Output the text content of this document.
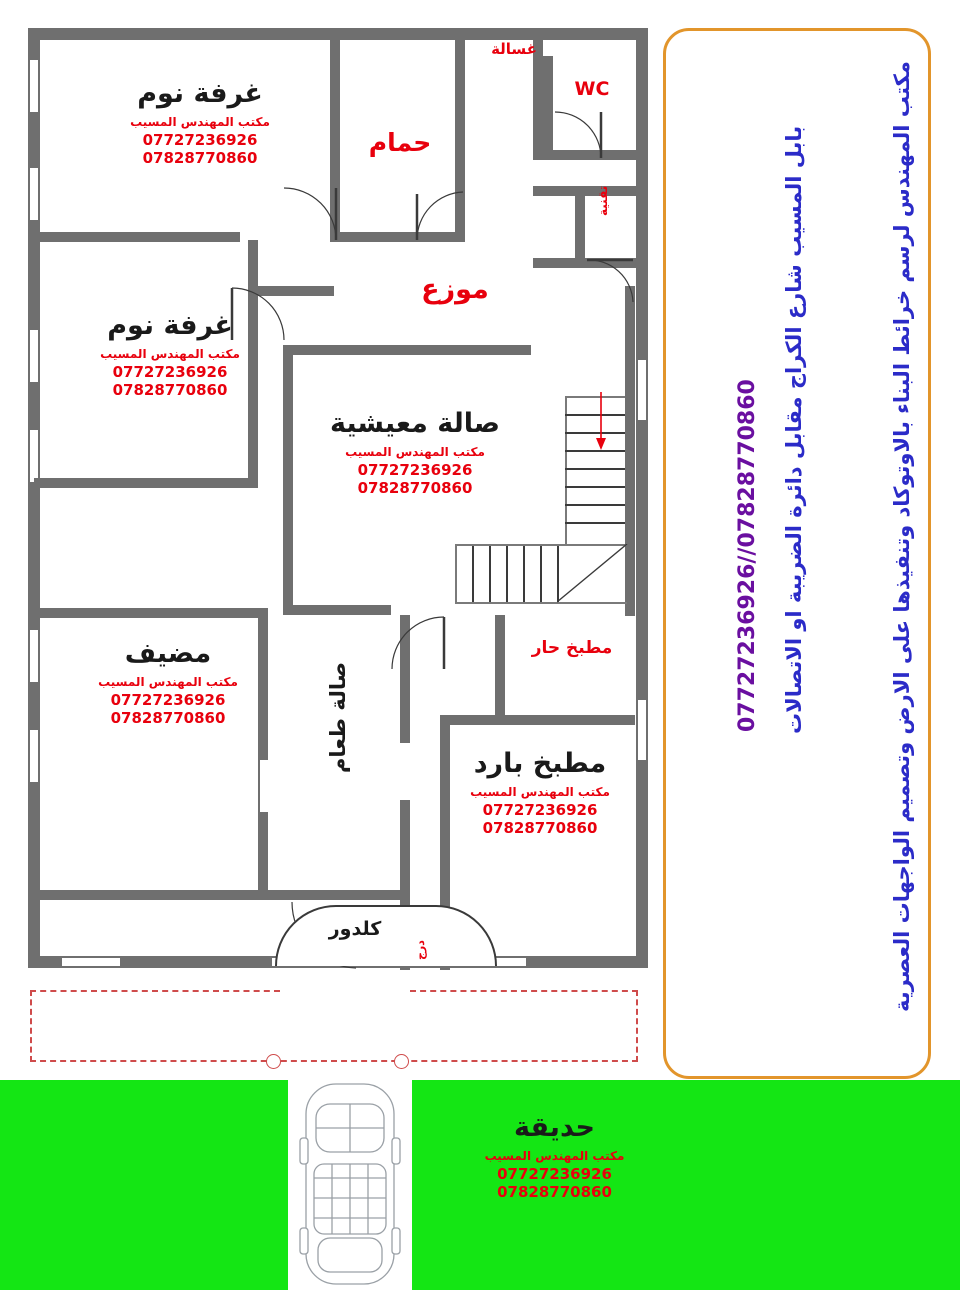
غرفة نوم
مكتب المهندس المسيب
07727236926
07828770860
غرفة نوم
مكتب المهندس المسيب
07727236926
07828770860
مضيف
مكتب المهندس المسيب
07727236926
07828770860
صالة معيشية
مكتب المهندس المسيب
07727236926
07828770860
مطبخ بارد
مكتب المهندس المسيب
07727236926
07828770860
حمام
غسالة
WC
تقنية
موزع
مطبخ حار
صالة طعام
كلدور
درج
حديقة
مكتب المهندس المسيب
07727236926
07828770860
مكتب المهندس لرسم خرائط البناء بالاوتوكاد وتنفيذها على الارض وتصميم الواجهات العصرية
بابل المسيب شارع الكراج مقابل دائرة الضريبة او الاتصالات
07828770860//07727236926
